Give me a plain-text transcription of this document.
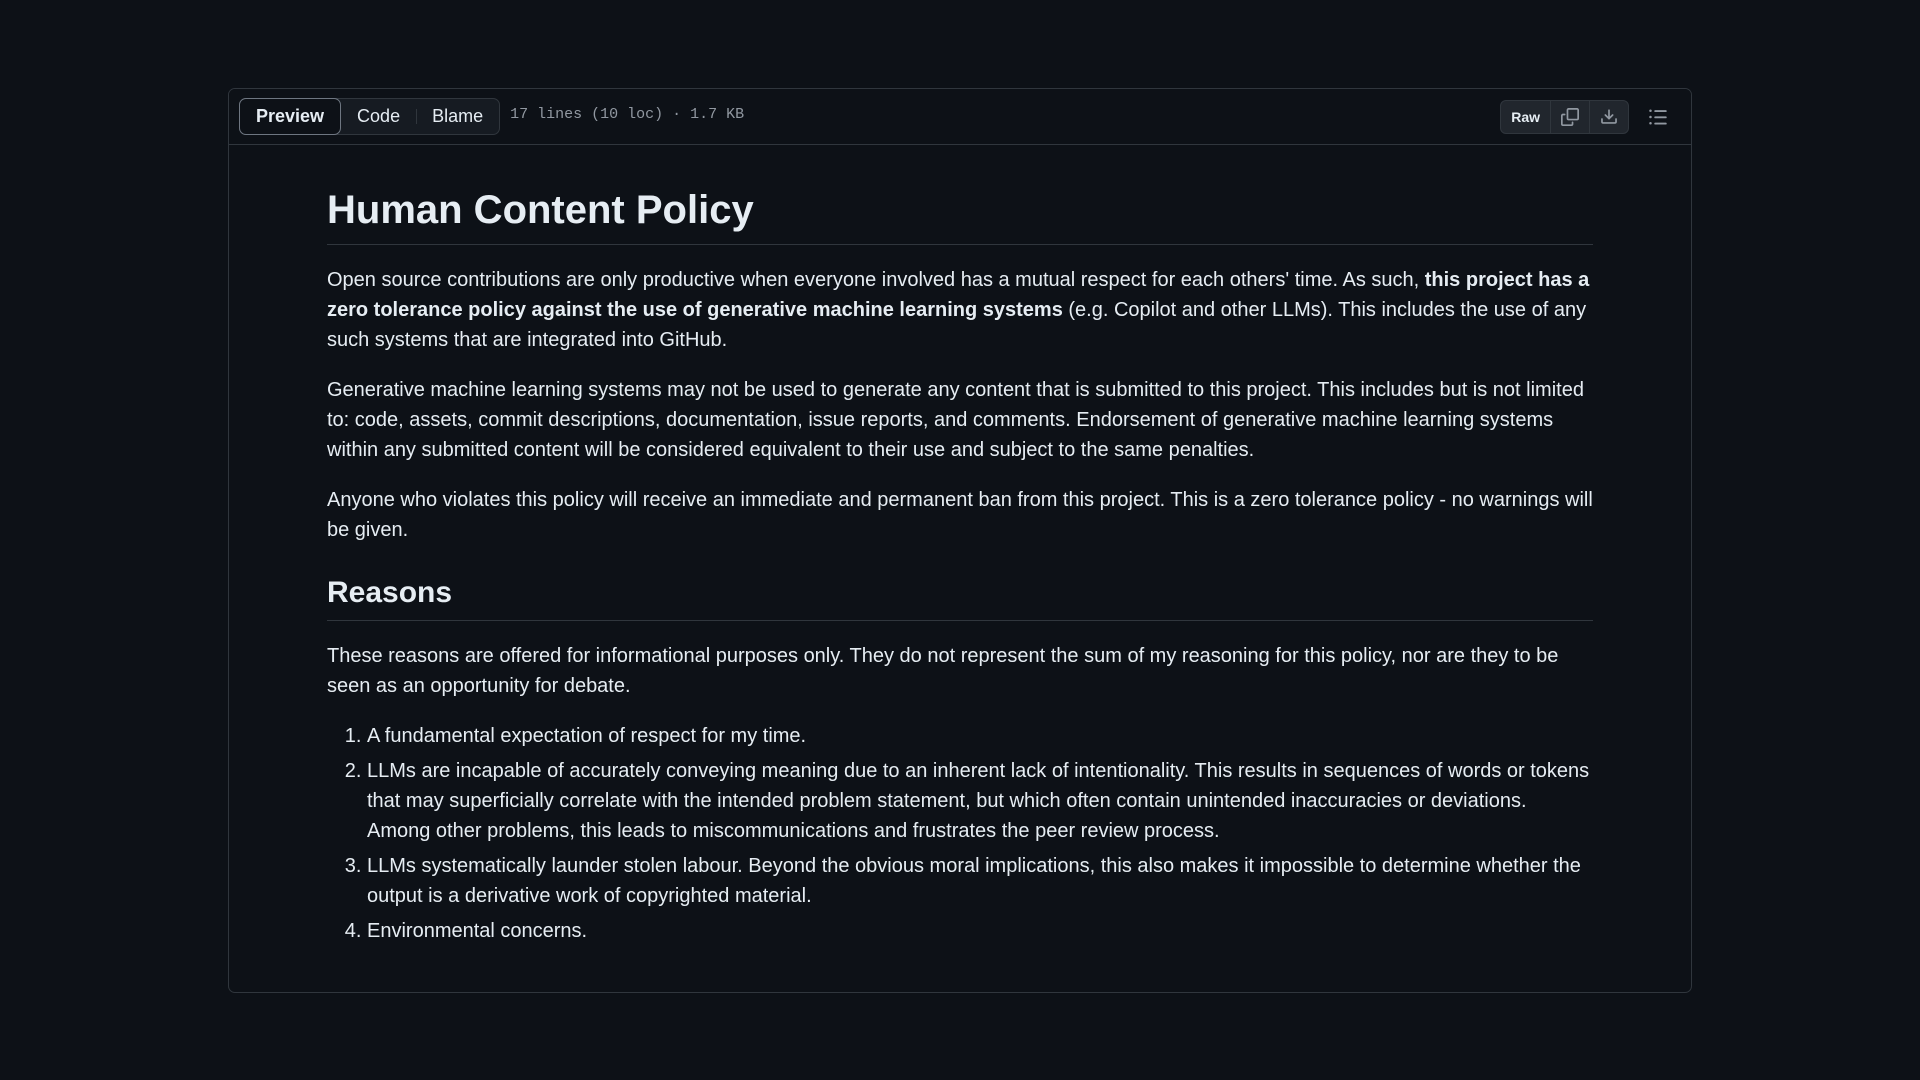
Preview	Code	Blame	17 lines (10 loc) · 1.7 KB	Raw
Human Content Policy

Open source contributions are only productive when everyone involved has a mutual respect for each others' time. As such, this project has a zero tolerance policy against the use of generative machine learning systems (e.g. Copilot and other LLMs). This includes the use of any such systems that are integrated into GitHub.

Generative machine learning systems may not be used to generate any content that is submitted to this project. This includes but is not limited to: code, assets, commit descriptions, documentation, issue reports, and comments. Endorsement of generative machine learning systems within any submitted content will be considered equivalent to their use and subject to the same penalties.

Anyone who violates this policy will receive an immediate and permanent ban from this project. This is a zero tolerance policy - no warnings will be given.

Reasons

These reasons are offered for informational purposes only. They do not represent the sum of my reasoning for this policy, nor are they to be seen as an opportunity for debate.

1. A fundamental expectation of respect for my time.
2. LLMs are incapable of accurately conveying meaning due to an inherent lack of intentionality. This results in sequences of words or tokens that may superficially correlate with the intended problem statement, but which often contain unintended inaccuracies or deviations. Among other problems, this leads to miscommunications and frustrates the peer review process.
3. LLMs systematically launder stolen labour. Beyond the obvious moral implications, this also makes it impossible to determine whether the output is a derivative work of copyrighted material.
4. Environmental concerns.
